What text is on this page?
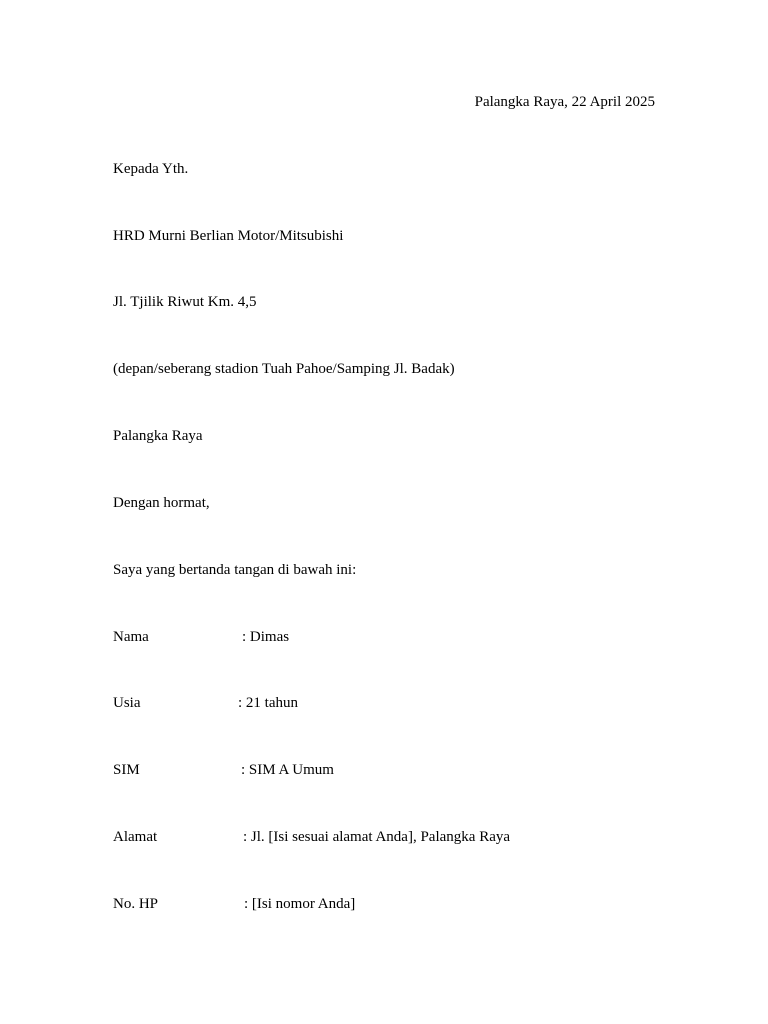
Palangka Raya, 22 April 2025
Kepada Yth.
HRD Murni Berlian Motor/Mitsubishi
Jl. Tjilik Riwut Km. 4,5
(depan/seberang stadion Tuah Pahoe/Samping Jl. Badak)
Palangka Raya
Dengan hormat,
Saya yang bertanda tangan di bawah ini:
Nama	: Dimas
Usia	: 21 tahun
SIM	: SIM A Umum
Alamat	: Jl. [Isi sesuai alamat Anda], Palangka Raya
No. HP	: [Isi nomor Anda]
